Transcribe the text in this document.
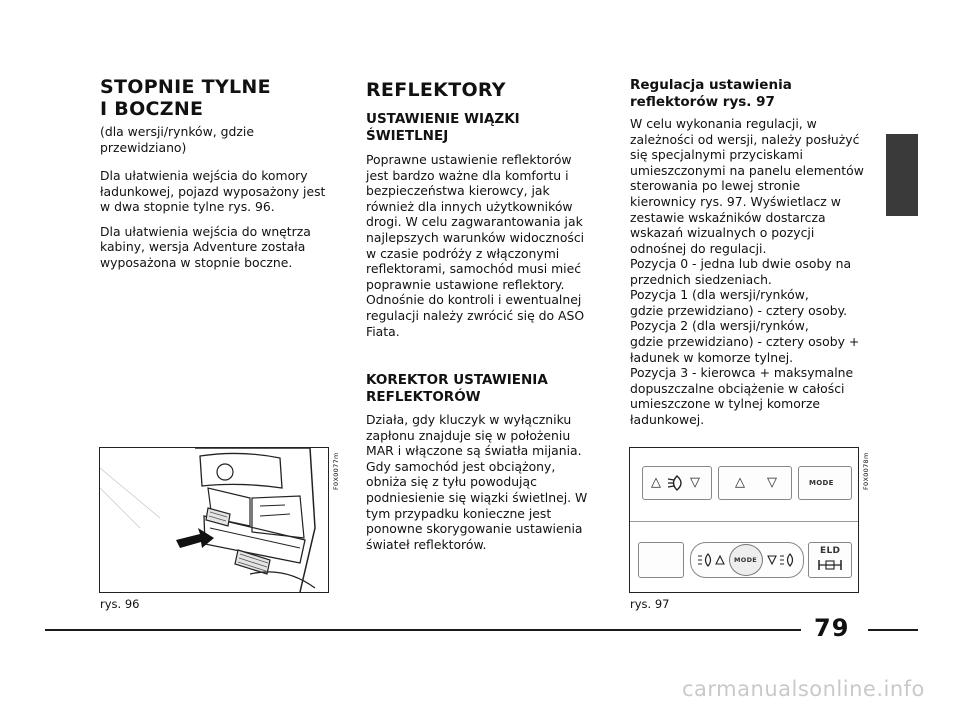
STOPNIE TYLNE
I BOCZNE
(dla wersji/rynków, gdzie
przewidziano)

Dla ułatwienia wejścia do komory
ładunkowej, pojazd wyposażony jest
w dwa stopnie tylne rys. 96.

Dla ułatwienia wejścia do wnętrza
kabiny, wersja Adventure została
wyposażona w stopnie boczne.

F0X0077m
rys. 96
REFLEKTORY
USTAWIENIE WIĄZKI
ŚWIETLNEJ
Poprawne ustawienie reflektorów
jest bardzo ważne dla komfortu i
bezpieczeństwa kierowcy, jak
również dla innych użytkowników
drogi. W celu zagwarantowania jak
najlepszych warunków widoczności
w czasie podróży z włączonymi
reflektorami, samochód musi mieć
poprawnie ustawione reflektory.
Odnośnie do kontroli i ewentualnej
regulacji należy zwrócić się do ASO
Fiata.
KOREKTOR USTAWIENIA
REFLEKTORÓW
Działa, gdy kluczyk w wyłączniku
zapłonu znajduje się w położeniu
MAR i włączone są światła mijania.
Gdy samochód jest obciążony,
obniża się z tyłu powodując
podniesienie się wiązki świetlnej. W
tym przypadku konieczne jest
ponowne skorygowanie ustawienia
świateł reflektorów.
Regulacja ustawienia
reflektorów rys. 97
W celu wykonania regulacji, w
zależności od wersji, należy posłużyć
się specjalnymi przyciskami
umieszczonymi na panelu elementów
sterowania po lewej stronie
kierownicy rys. 97. Wyświetlacz w
zestawie wskaźników dostarcza
wskazań wizualnych o pozycji
odnośnej do regulacji.
Pozycja 0 - jedna lub dwie osoby na
przednich siedzeniach.
Pozycja 1 (dla wersji/rynków,
gdzie przewidziano) - cztery osoby.
Pozycja 2 (dla wersji/rynków,
gdzie przewidziano) - cztery osoby +
ładunek w komorze tylnej.
Pozycja 3 - kierowca + maksymalne
dopuszczalne obciążenie w całości
umieszczone w tylnej komorze
ładunkowej.
△ ▽	△ ▽	MODE
MODE
ELD
F0X0078m
rys. 97
79
carmanualsonline.info
